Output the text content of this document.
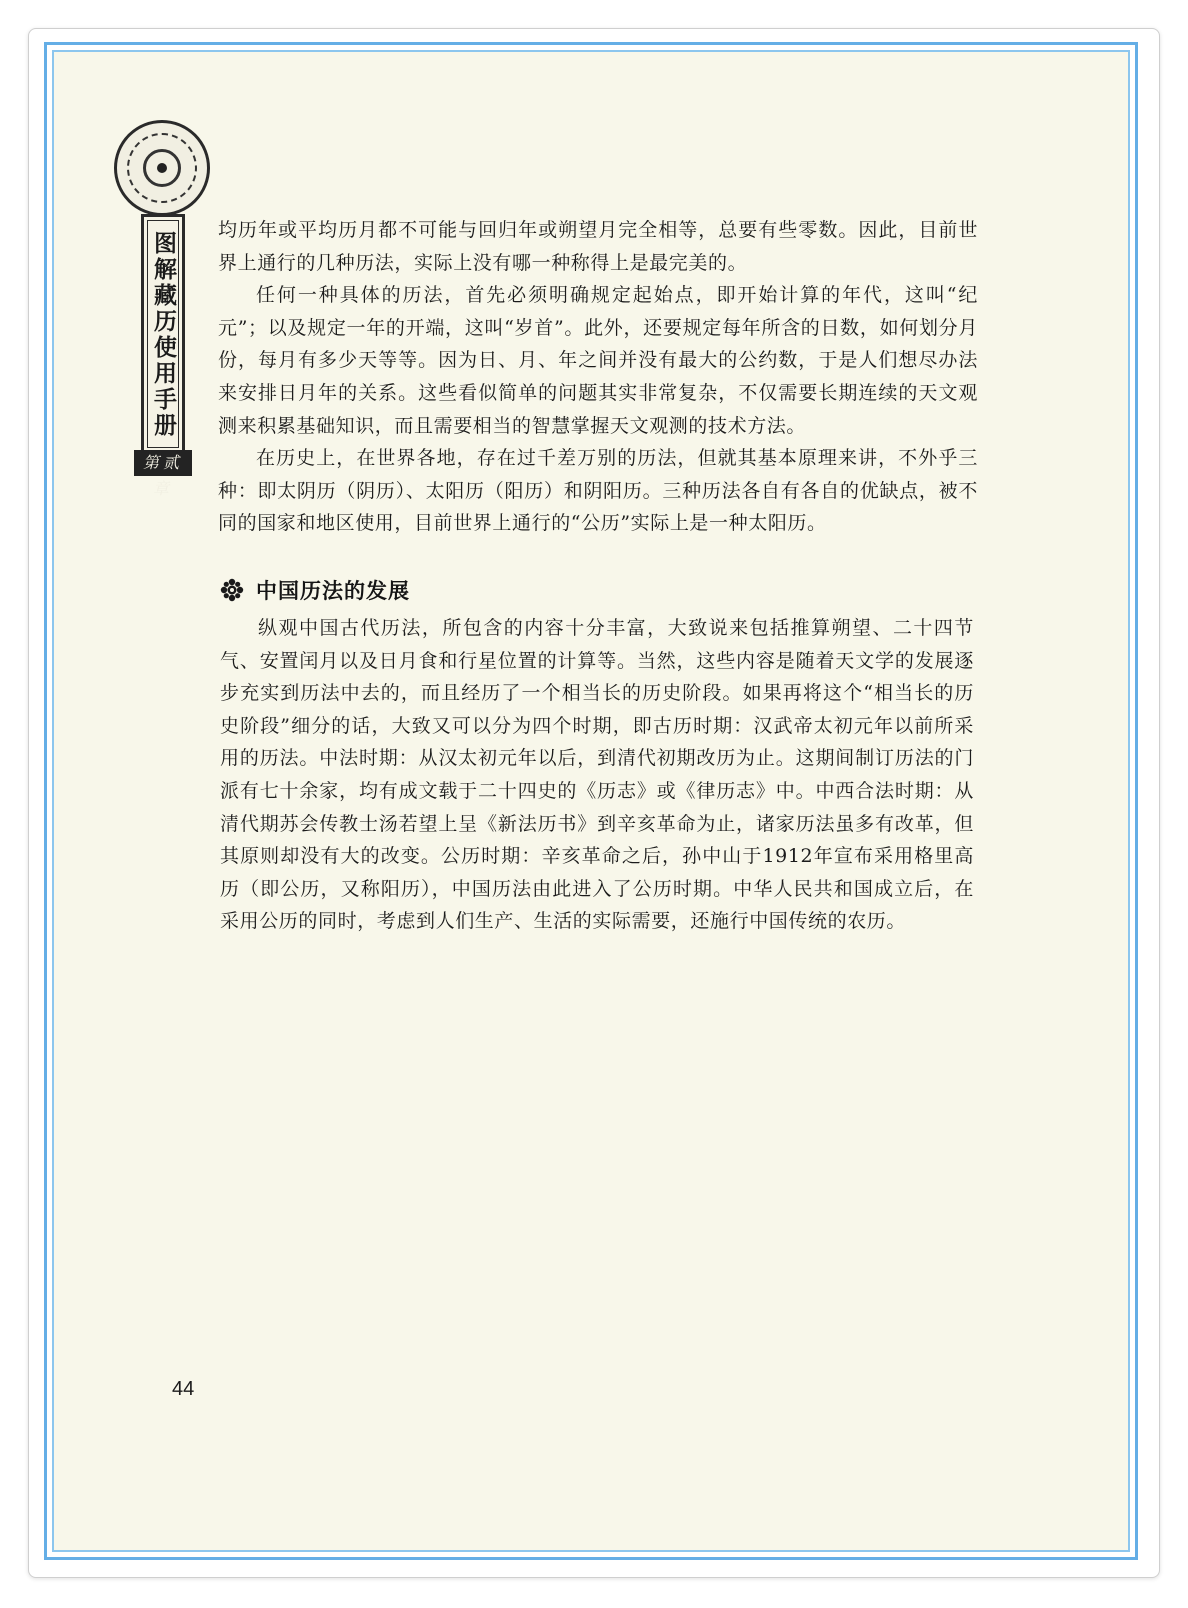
图解藏历使用手册
第贰章

均历年或平均历月都不可能与回归年或朔望月完全相等，总要有些零数。因此，目前世界上通行的几种历法，实际上没有哪一种称得上是最完美的。

任何一种具体的历法，首先必须明确规定起始点，即开始计算的年代，这叫“纪元”；以及规定一年的开端，这叫“岁首”。此外，还要规定每年所含的日数，如何划分月份，每月有多少天等等。因为日、月、年之间并没有最大的公约数，于是人们想尽办法来安排日月年的关系。这些看似简单的问题其实非常复杂，不仅需要长期连续的天文观测来积累基础知识，而且需要相当的智慧掌握天文观测的技术方法。

在历史上，在世界各地，存在过千差万别的历法，但就其基本原理来讲，不外乎三种：即太阴历（阴历）、太阳历（阳历）和阴阳历。三种历法各自有各自的优缺点，被不同的国家和地区使用，目前世界上通行的“公历”实际上是一种太阳历。

中国历法的发展

纵观中国古代历法，所包含的内容十分丰富，大致说来包括推算朔望、二十四节气、安置闰月以及日月食和行星位置的计算等。当然，这些内容是随着天文学的发展逐步充实到历法中去的，而且经历了一个相当长的历史阶段。如果再将这个“相当长的历史阶段”细分的话，大致又可以分为四个时期，即古历时期：汉武帝太初元年以前所采用的历法。中法时期：从汉太初元年以后，到清代初期改历为止。这期间制订历法的门派有七十余家，均有成文载于二十四史的《历志》或《律历志》中。中西合法时期：从清代期苏会传教士汤若望上呈《新法历书》到辛亥革命为止，诸家历法虽多有改革，但其原则却没有大的改变。公历时期：辛亥革命之后，孙中山于1912年宣布采用格里高历（即公历，又称阳历），中国历法由此进入了公历时期。中华人民共和国成立后，在采用公历的同时，考虑到人们生产、生活的实际需要，还施行中国传统的农历。

44
